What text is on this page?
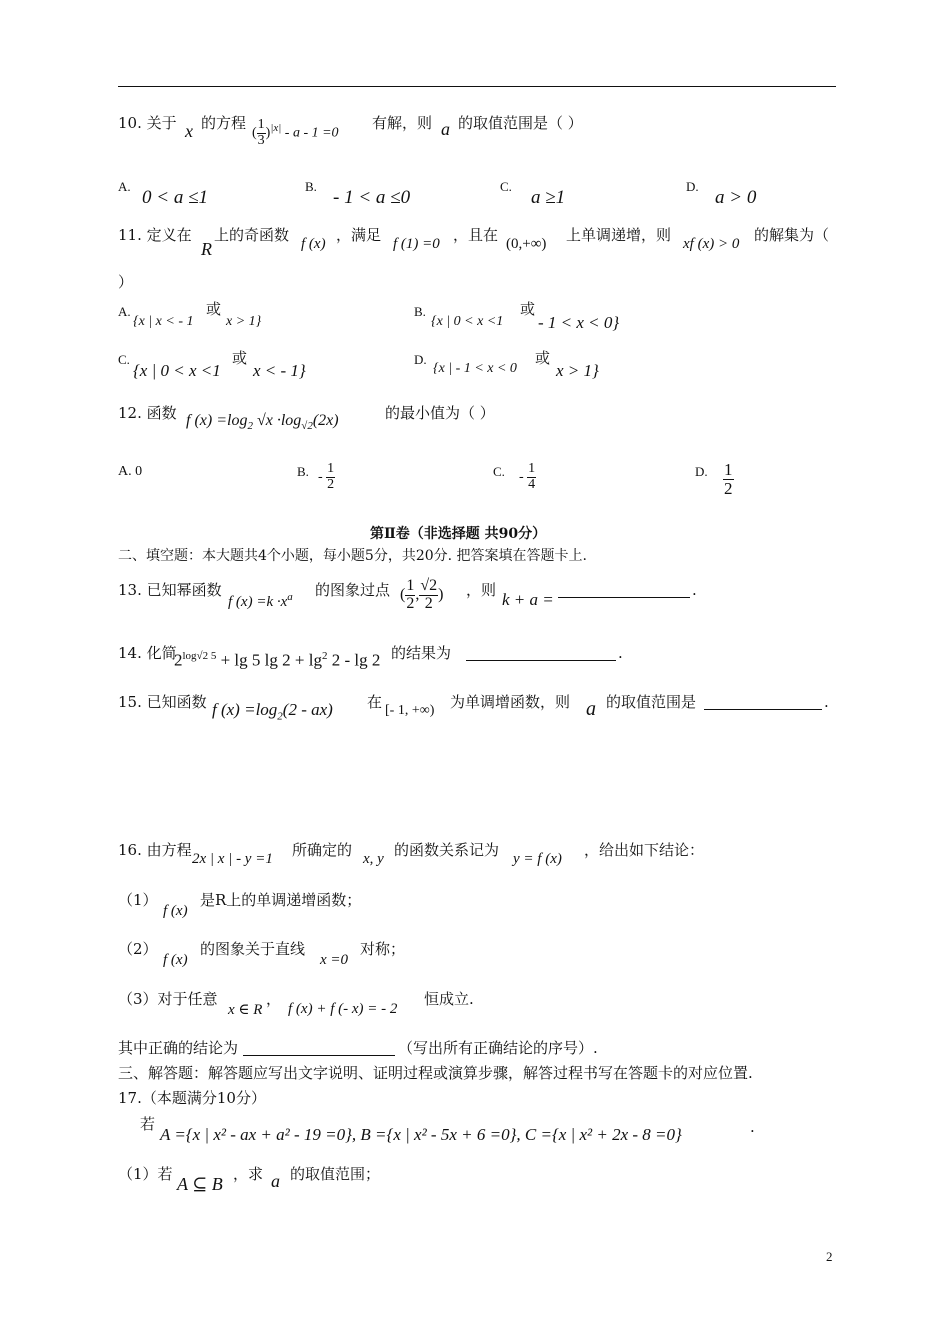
10. 关于 x 的方程
( $\frac{1}{3} )^{|x|} - a - 1 =0$
有解，则 a 的取值范围是（ ）
A.
0 < a ≤1
B.
- 1 < a ≤0
C.
a ≥1
D.
a > 0
11. 定义在
R
上的奇函数 f (x) ，满足 f (1) =0 ，且在 (0,+∞) 上单调递增，则 xf (x) > 0 的解集为（
）
A.
{x | x < - 1
或
x > 1}
B.
{x | 0 < x <1
或
- 1 < x < 0}
C.
{x | 0 < x <1
或
x < - 1}
D.
{x | - 1 < x < 0
或
x > 1}
12. 函数 f $(x) =\log_2$ $√x \cdot\log_{√2}(2x)$	的最小值为（ ）
A. 0	B. - $\frac{1}{2}$	C. - $\frac{1}{4}$	D. $\frac{1}{2}$
第Ⅱ卷（非选择题 共90分）
二、填空题：本大题共4个小题，每小题5分，共20分. 把答案填在答题卡上.
13. 已知幂函数
f $(x) =k \cdot x^a$ 的图象过点 ( $\frac{1}{2}$ , $\frac{√2}{2}$ ) ，则 k + a =	.
14. 化简
$2^{log√2 5} + \lg 5$ $\lg 2 + \lg^2 2 - \lg 2$ 的结果为	.
15. 已知函数 f $(x) =\log_2(2 - ax)$ 在 [- 1, +∞) 为单调增函数，则 a 的取值范围是	.
16. 由方程 2x | x | - y =1 所确定的 x, y 的函数关系记为 y = f (x) ，给出如下结论：
（1）
f (x)
是R上的单调递增函数；
（2）
f (x)
的图象关于直线
x =0
对称；
（3）对于任意
x ∈ R
，
f (x) + f (- x) = - 2
恒成立.
其中正确的结论为	（写出所有正确结论的序号）.
三、解答题：解答题应写出文字说明、证明过程或演算步骤，解答过程书写在答题卡的对应位置.
17.（本题满分10分）
若
A ={x | x² - ax + a² - 19 =0}, B ={x | x² - 5x + 6 =0}, C ={x | x² + 2x - 8 =0}	·
（1）若 A ⊆ B ，求 a 的取值范围；
2
